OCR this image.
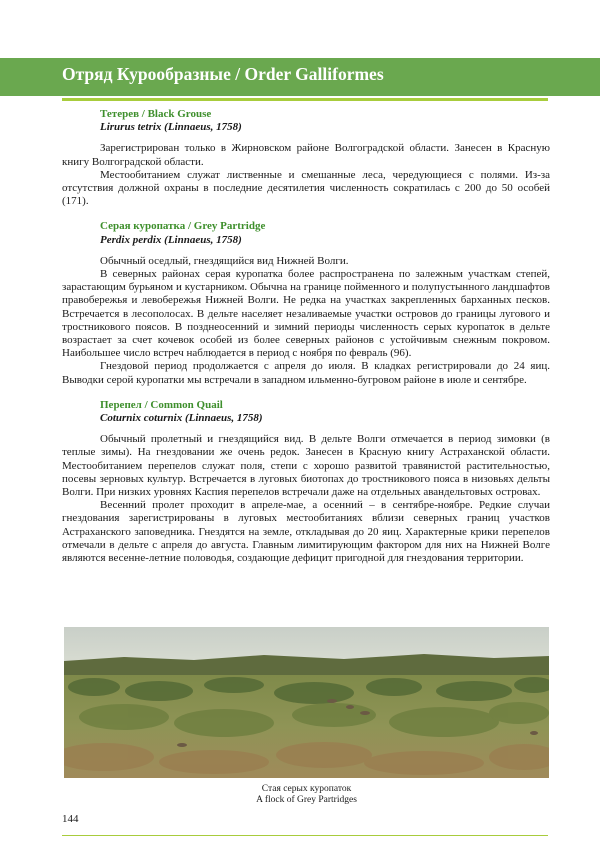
Отряд Курообразные / Order Galliformes
Тетерев / Black Grouse
Lirurus tetrix (Linnaeus, 1758)

Зарегистрирован только в Жирновском районе Волгоградской области. Занесен в Красную книгу Волгоградской области.

Местообитанием служат лиственные и смешанные леса, чередующиеся с полями. Из-за отсутствия должной охраны в последние десятилетия численность сократилась с 200 до 50 особей (171).

Серая куропатка / Grey Partridge
Perdix perdix (Linnaeus, 1758)

Обычный оседлый, гнездящийся вид Нижней Волги.

В северных районах серая куропатка более распространена по залежным участкам степей, зарастающим бурьяном и кустарником. Обычна на границе пойменного и полупустынного ландшафтов правобережья и левобережья Нижней Волги. Не редка на участках закрепленных барханных песков. Встречается в лесополосах. В дельте населяет незаливаемые участки островов до границы лугового и тростникового поясов. В позднеосенний и зимний периоды численность серых куропаток в дельте возрастает за счет кочевок особей из более северных районов с устойчивым снежным покровом. Наибольшее число встреч наблюдается в период с ноября по февраль (96).

Гнездовой период продолжается с апреля до июля. В кладках регистрировали до 24 яиц. Выводки серой куропатки мы встречали в западном ильменно-бугровом районе в июле и сентябре.

Перепел / Common Quail
Coturnix coturnix (Linnaeus, 1758)

Обычный пролетный и гнездящийся вид. В дельте Волги отмечается в период зимовки (в теплые зимы). На гнездовании же очень редок. Занесен в Красную книгу Астраханской области. Местообитанием перепелов служат поля, степи с хорошо развитой травянистой растительностью, посевы зерновых культур. Встречается в луговых биотопах до тростникового пояса в низовьях дельты Волги. При низких уровнях Каспия перепелов встречали даже на отдельных авандельтовых островах.

Весенний пролет проходит в апреле-мае, а осенний – в сентябре-ноябре. Редкие случаи гнездования зарегистрированы в луговых местообитаниях вблизи северных границ участков Астраханского заповедника. Гнездятся на земле, откладывая до 20 яиц. Характерные крики перепелов отмечали в дельте с апреля до августа. Главным лимитирующим фактором для них на Нижней Волге являются весенне-летние половодья, создающие дефицит пригодной для гнездования территории.

Стая серых куропаток
A flock of Grey Partridges
144
